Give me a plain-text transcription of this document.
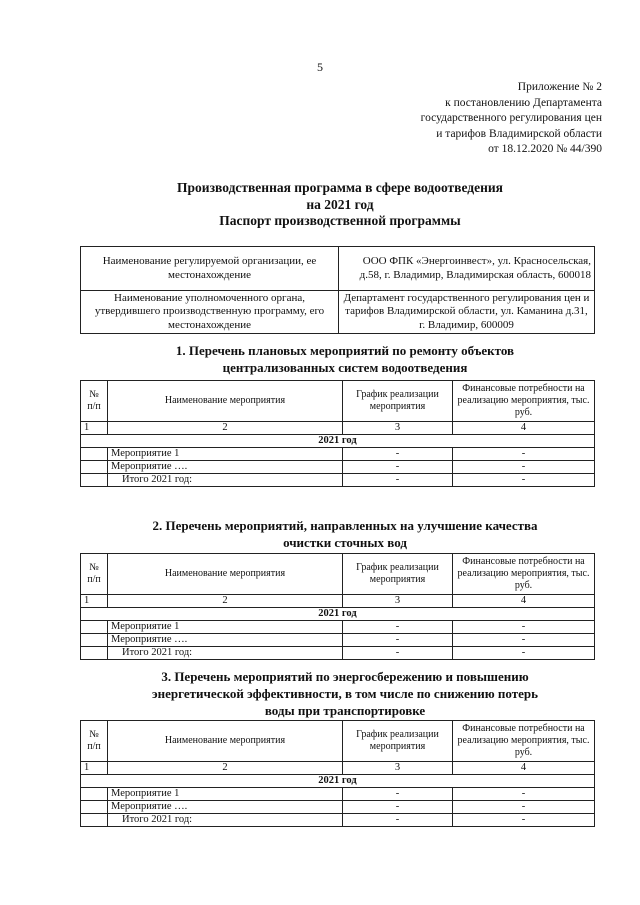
5
Приложение № 2
к постановлению Департамента
государственного регулирования цен
и тарифов Владимирской области
от 18.12.2020 № 44/390
Производственная программа в сфере водоотведения
на 2021 год
Паспорт производственной программы
Наименование регулируемой организации, ее местонахождение	ООО ФПК «Энергоинвест», ул. Красносельская, д.58, г. Владимир, Владимирская область, 600018
Наименование уполномоченного органа, утвердившего производственную программу, его местонахождение	Департамент государственного регулирования цен и тарифов Владимирской области, ул. Каманина д.31, г. Владимир, 600009
1. Перечень плановых мероприятий по ремонту объектов
централизованных систем водоотведения
№ п/п	Наименование мероприятия	График реализации мероприятия	Финансовые потребности на реализацию мероприятия, тыс. руб.
1	2	3	4
2021 год			
	Мероприятие 1	-	-
	Мероприятие ….	-	-
	Итого 2021 год:	-	-
2. Перечень мероприятий, направленных на улучшение качества
очистки сточных вод
№ п/п	Наименование мероприятия	График реализации мероприятия	Финансовые потребности на реализацию мероприятия, тыс. руб.
1	2	3	4
2021 год			
	Мероприятие 1	-	-
	Мероприятие ….	-	-
	Итого 2021 год:	-	-
3. Перечень мероприятий по энергосбережению и повышению
энергетической эффективности, в том числе по снижению потерь
воды при транспортировке
№ п/п	Наименование мероприятия	График реализации мероприятия	Финансовые потребности на реализацию мероприятия, тыс. руб.
1	2	3	4
2021 год			
	Мероприятие 1	-	-
	Мероприятие ….	-	-
	Итого 2021 год:	-	-
